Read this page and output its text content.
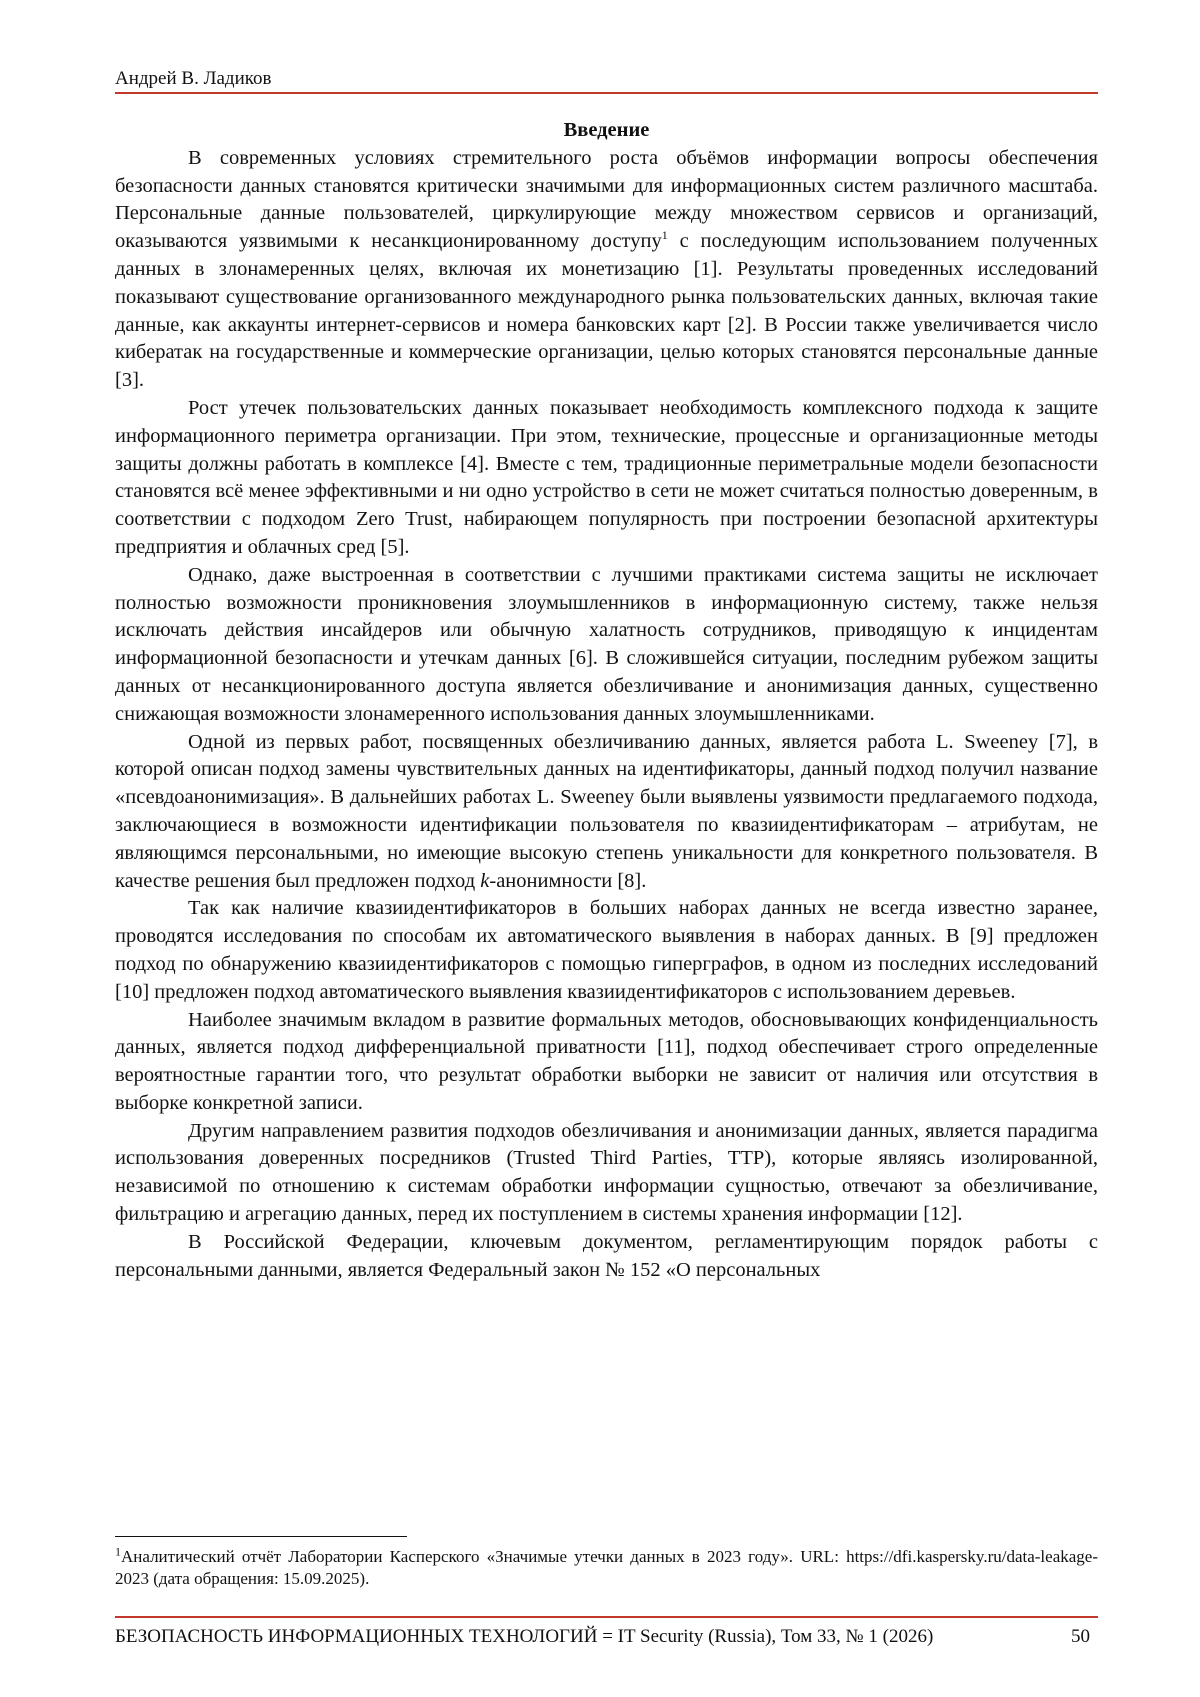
Андрей В. Ладиков
Введение

В современных условиях стремительного роста объёмов информации вопросы обеспечения безопасности данных становятся критически значимыми для информационных систем различного масштаба. Персональные данные пользователей, циркулирующие между множеством сервисов и организаций, оказываются уязвимыми к несанкционированному доступу$^1$ с последующим использованием полученных данных в злонамеренных целях, включая их монетизацию [1]. Результаты проведенных исследований показывают существование организованного международного рынка пользовательских данных, включая такие данные, как аккаунты интернет-сервисов и номера банковских карт [2]. В России также увеличивается число кибератак на государственные и коммерческие организации, целью которых становятся персональные данные [3].

Рост утечек пользовательских данных показывает необходимость комплексного подхода к защите информационного периметра организации. При этом, технические, процессные и организационные методы защиты должны работать в комплексе [4]. Вместе с тем, традиционные периметральные модели безопасности становятся всё менее эффективными и ни одно устройство в сети не может считаться полностью доверенным, в соответствии с подходом Zero Trust, набирающем популярность при построении безопасной архитектуры предприятия и облачных сред [5].

Однако, даже выстроенная в соответствии с лучшими практиками система защиты не исключает полностью возможности проникновения злоумышленников в информационную систему, также нельзя исключать действия инсайдеров или обычную халатность сотрудников, приводящую к инцидентам информационной безопасности и утечкам данных [6]. В сложившейся ситуации, последним рубежом защиты данных от несанкционированного доступа является обезличивание и анонимизация данных, существенно снижающая возможности злонамеренного использования данных злоумышленниками.

Одной из первых работ, посвященных обезличиванию данных, является работа L. Sweeney [7], в которой описан подход замены чувствительных данных на идентификаторы, данный подход получил название «псевдоанонимизация». В дальнейших работах L. Sweeney были выявлены уязвимости предлагаемого подхода, заключающиеся в возможности идентификации пользователя по квазиидентификаторам – атрибутам, не являющимся персональными, но имеющие высокую степень уникальности для конкретного пользователя. В качестве решения был предложен подход k-анонимности [8].

Так как наличие квазиидентификаторов в больших наборах данных не всегда известно заранее, проводятся исследования по способам их автоматического выявления в наборах данных. В [9] предложен подход по обнаружению квазиидентификаторов с помощью гиперграфов, в одном из последних исследований [10] предложен подход автоматического выявления квазиидентификаторов с использованием деревьев.

Наиболее значимым вкладом в развитие формальных методов, обосновывающих конфиденциальность данных, является подход дифференциальной приватности [11], подход обеспечивает строго определенные вероятностные гарантии того, что результат обработки выборки не зависит от наличия или отсутствия в выборке конкретной записи.

Другим направлением развития подходов обезличивания и анонимизации данных, является парадигма использования доверенных посредников (Trusted Third Parties, TTP), которые являясь изолированной, независимой по отношению к системам обработки информации сущностью, отвечают за обезличивание, фильтрацию и агрегацию данных, перед их поступлением в системы хранения информации [12].

В Российской Федерации, ключевым документом, регламентирующим порядок работы с персональными данными, является Федеральный закон № 152 «О персональных

$^1$Аналитический отчёт Лаборатории Касперского «Значимые утечки данных в 2023 году». URL: https://dfi.kaspersky.ru/data-leakage-2023 (дата обращения: 15.09.2025).
БЕЗОПАСНОСТЬ ИНФОРМАЦИОННЫХ ТЕХНОЛОГИЙ = IT Security (Russia), Том 33, № 1 (2026)	50
